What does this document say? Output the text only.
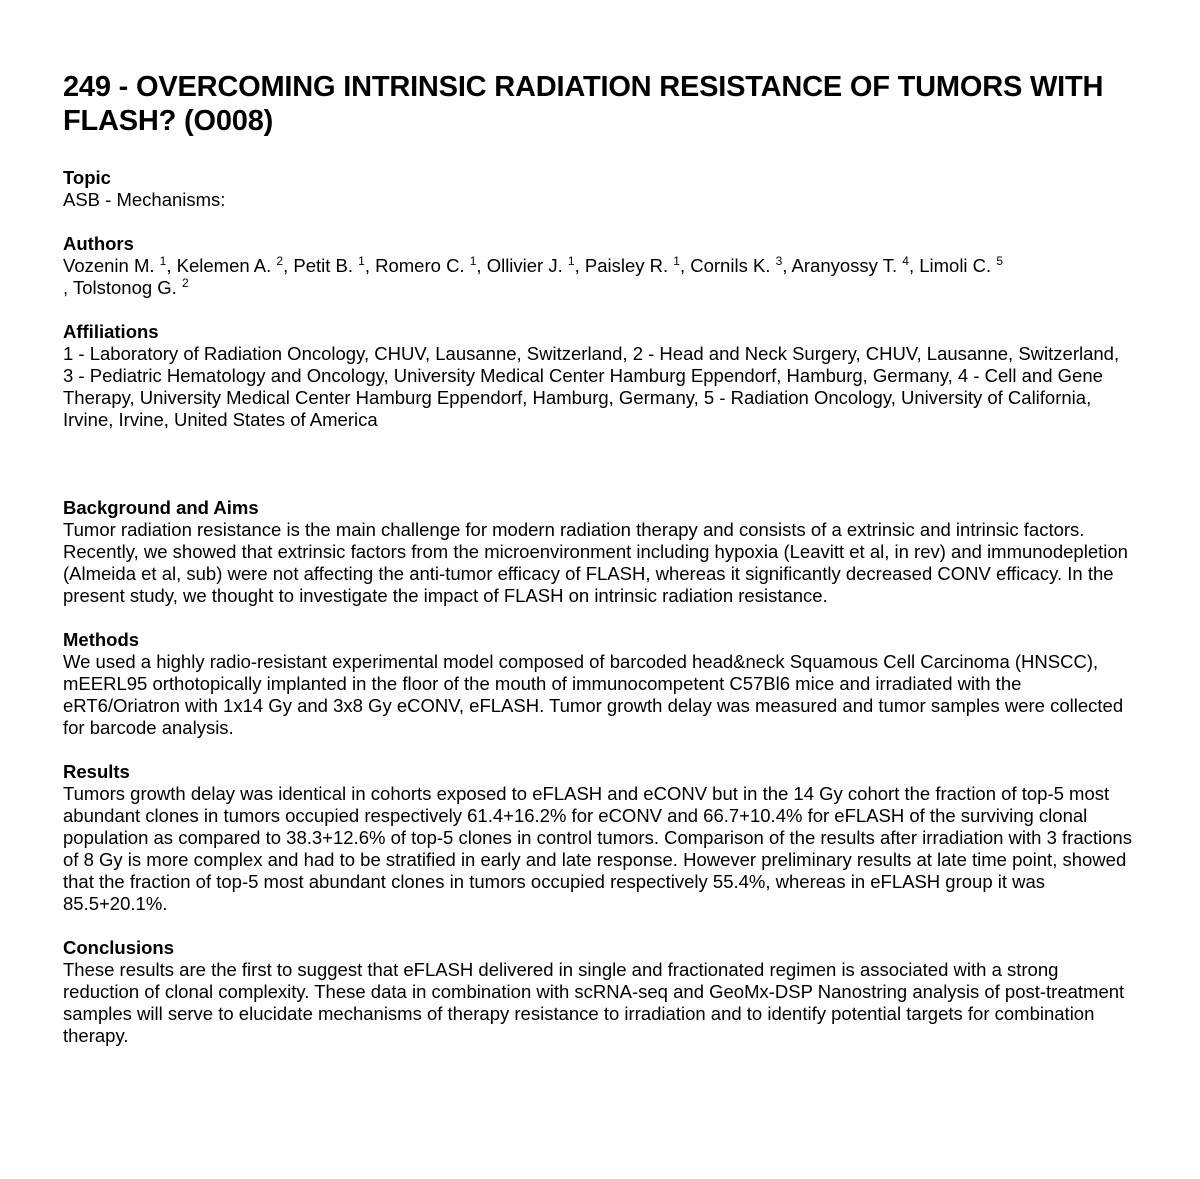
249 - OVERCOMING INTRINSIC RADIATION RESISTANCE OF TUMORS WITH FLASH? (O008)

Topic

ASB - Mechanisms:

Authors

Vozenin M. $^1$, Kelemen A. $^2$, Petit B. $^1$, Romero C. $^1$, Ollivier J. $^1$, Paisley R. $^1$, Cornils K. $^3$, Aranyossy T. $^4$, Limoli C. $^5$
, Tolstonog G. $^2$

Affiliations

1 - Laboratory of Radiation Oncology, CHUV, Lausanne, Switzerland, 2 - Head and Neck Surgery, CHUV, Lausanne, Switzerland, 3 - Pediatric Hematology and Oncology, University Medical Center Hamburg Eppendorf, Hamburg, Germany, 4 - Cell and Gene Therapy, University Medical Center Hamburg Eppendorf, Hamburg, Germany, 5 - Radiation Oncology, University of California, Irvine, Irvine, United States of America

Background and Aims

Tumor radiation resistance is the main challenge for modern radiation therapy and consists of a extrinsic and intrinsic factors. Recently, we showed that extrinsic factors from the microenvironment including hypoxia (Leavitt et al, in rev) and immunodepletion (Almeida et al, sub) were not affecting the anti-tumor efficacy of FLASH, whereas it significantly decreased CONV efficacy. In the present study, we thought to investigate the impact of FLASH on intrinsic radiation resistance.

Methods

We used a highly radio-resistant experimental model composed of barcoded head&neck Squamous Cell Carcinoma (HNSCC), mEERL95 orthotopically implanted in the floor of the mouth of immunocompetent C57Bl6 mice and irradiated with the eRT6/Oriatron with 1x14 Gy and 3x8 Gy eCONV, eFLASH. Tumor growth delay was measured and tumor samples were collected for barcode analysis.

Results

Tumors growth delay was identical in cohorts exposed to eFLASH and eCONV but in the 14 Gy cohort the fraction of top-5 most abundant clones in tumors occupied respectively 61.4+16.2% for eCONV and 66.7+10.4% for eFLASH of the surviving clonal population as compared to 38.3+12.6% of top-5 clones in control tumors. Comparison of the results after irradiation with 3 fractions of 8 Gy is more complex and had to be stratified in early and late response. However preliminary results at late time point, showed that the fraction of top-5 most abundant clones in tumors occupied respectively 55.4%, whereas in eFLASH group it was 85.5+20.1%.

Conclusions

These results are the first to suggest that eFLASH delivered in single and fractionated regimen is associated with a strong reduction of clonal complexity. These data in combination with scRNA-seq and GeoMx-DSP Nanostring analysis of post-treatment samples will serve to elucidate mechanisms of therapy resistance to irradiation and to identify potential targets for combination therapy.
